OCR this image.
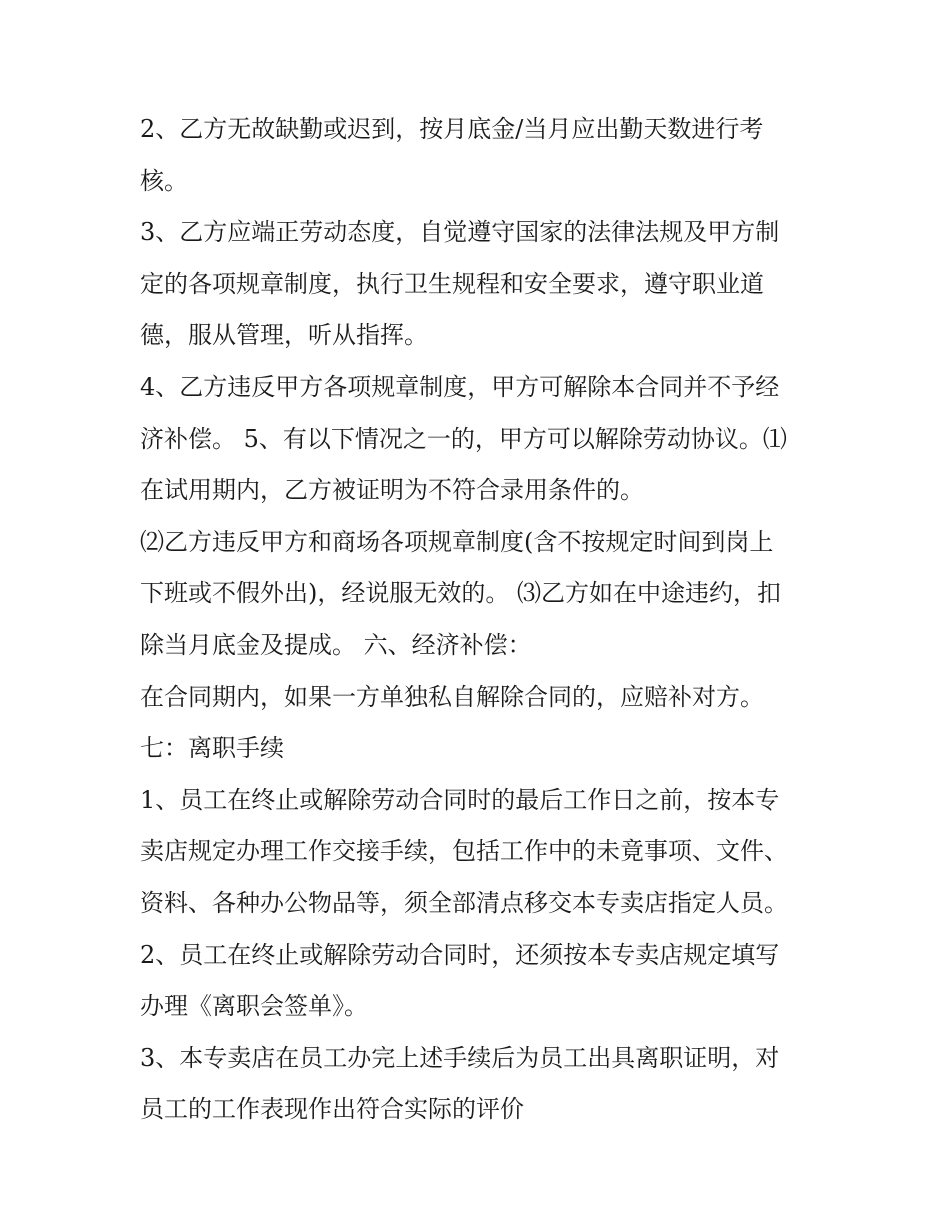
2、乙方无故缺勤或迟到，按月底金/当月应出勤天数进行考
核。
3、乙方应端正劳动态度，自觉遵守国家的法律法规及甲方制
定的各项规章制度，执行卫生规程和安全要求，遵守职业道
德，服从管理，听从指挥。
4、乙方违反甲方各项规章制度，甲方可解除本合同并不予经
济补偿。 5、有以下情况之一的，甲方可以解除劳动协议。⑴
在试用期内，乙方被证明为不符合录用条件的。
⑵乙方违反甲方和商场各项规章制度(含不按规定时间到岗上
下班或不假外出)，经说服无效的。 ⑶乙方如在中途违约，扣
除当月底金及提成。 六、经济补偿：
在合同期内，如果一方单独私自解除合同的，应赔补对方。
七：离职手续
1、员工在终止或解除劳动合同时的最后工作日之前，按本专
卖店规定办理工作交接手续，包括工作中的未竟事项、文件、
资料、各种办公物品等，须全部清点移交本专卖店指定人员。
2、员工在终止或解除劳动合同时，还须按本专卖店规定填写
办理《离职会签单》。
3、本专卖店在员工办完上述手续后为员工出具离职证明，对
员工的工作表现作出符合实际的评价
